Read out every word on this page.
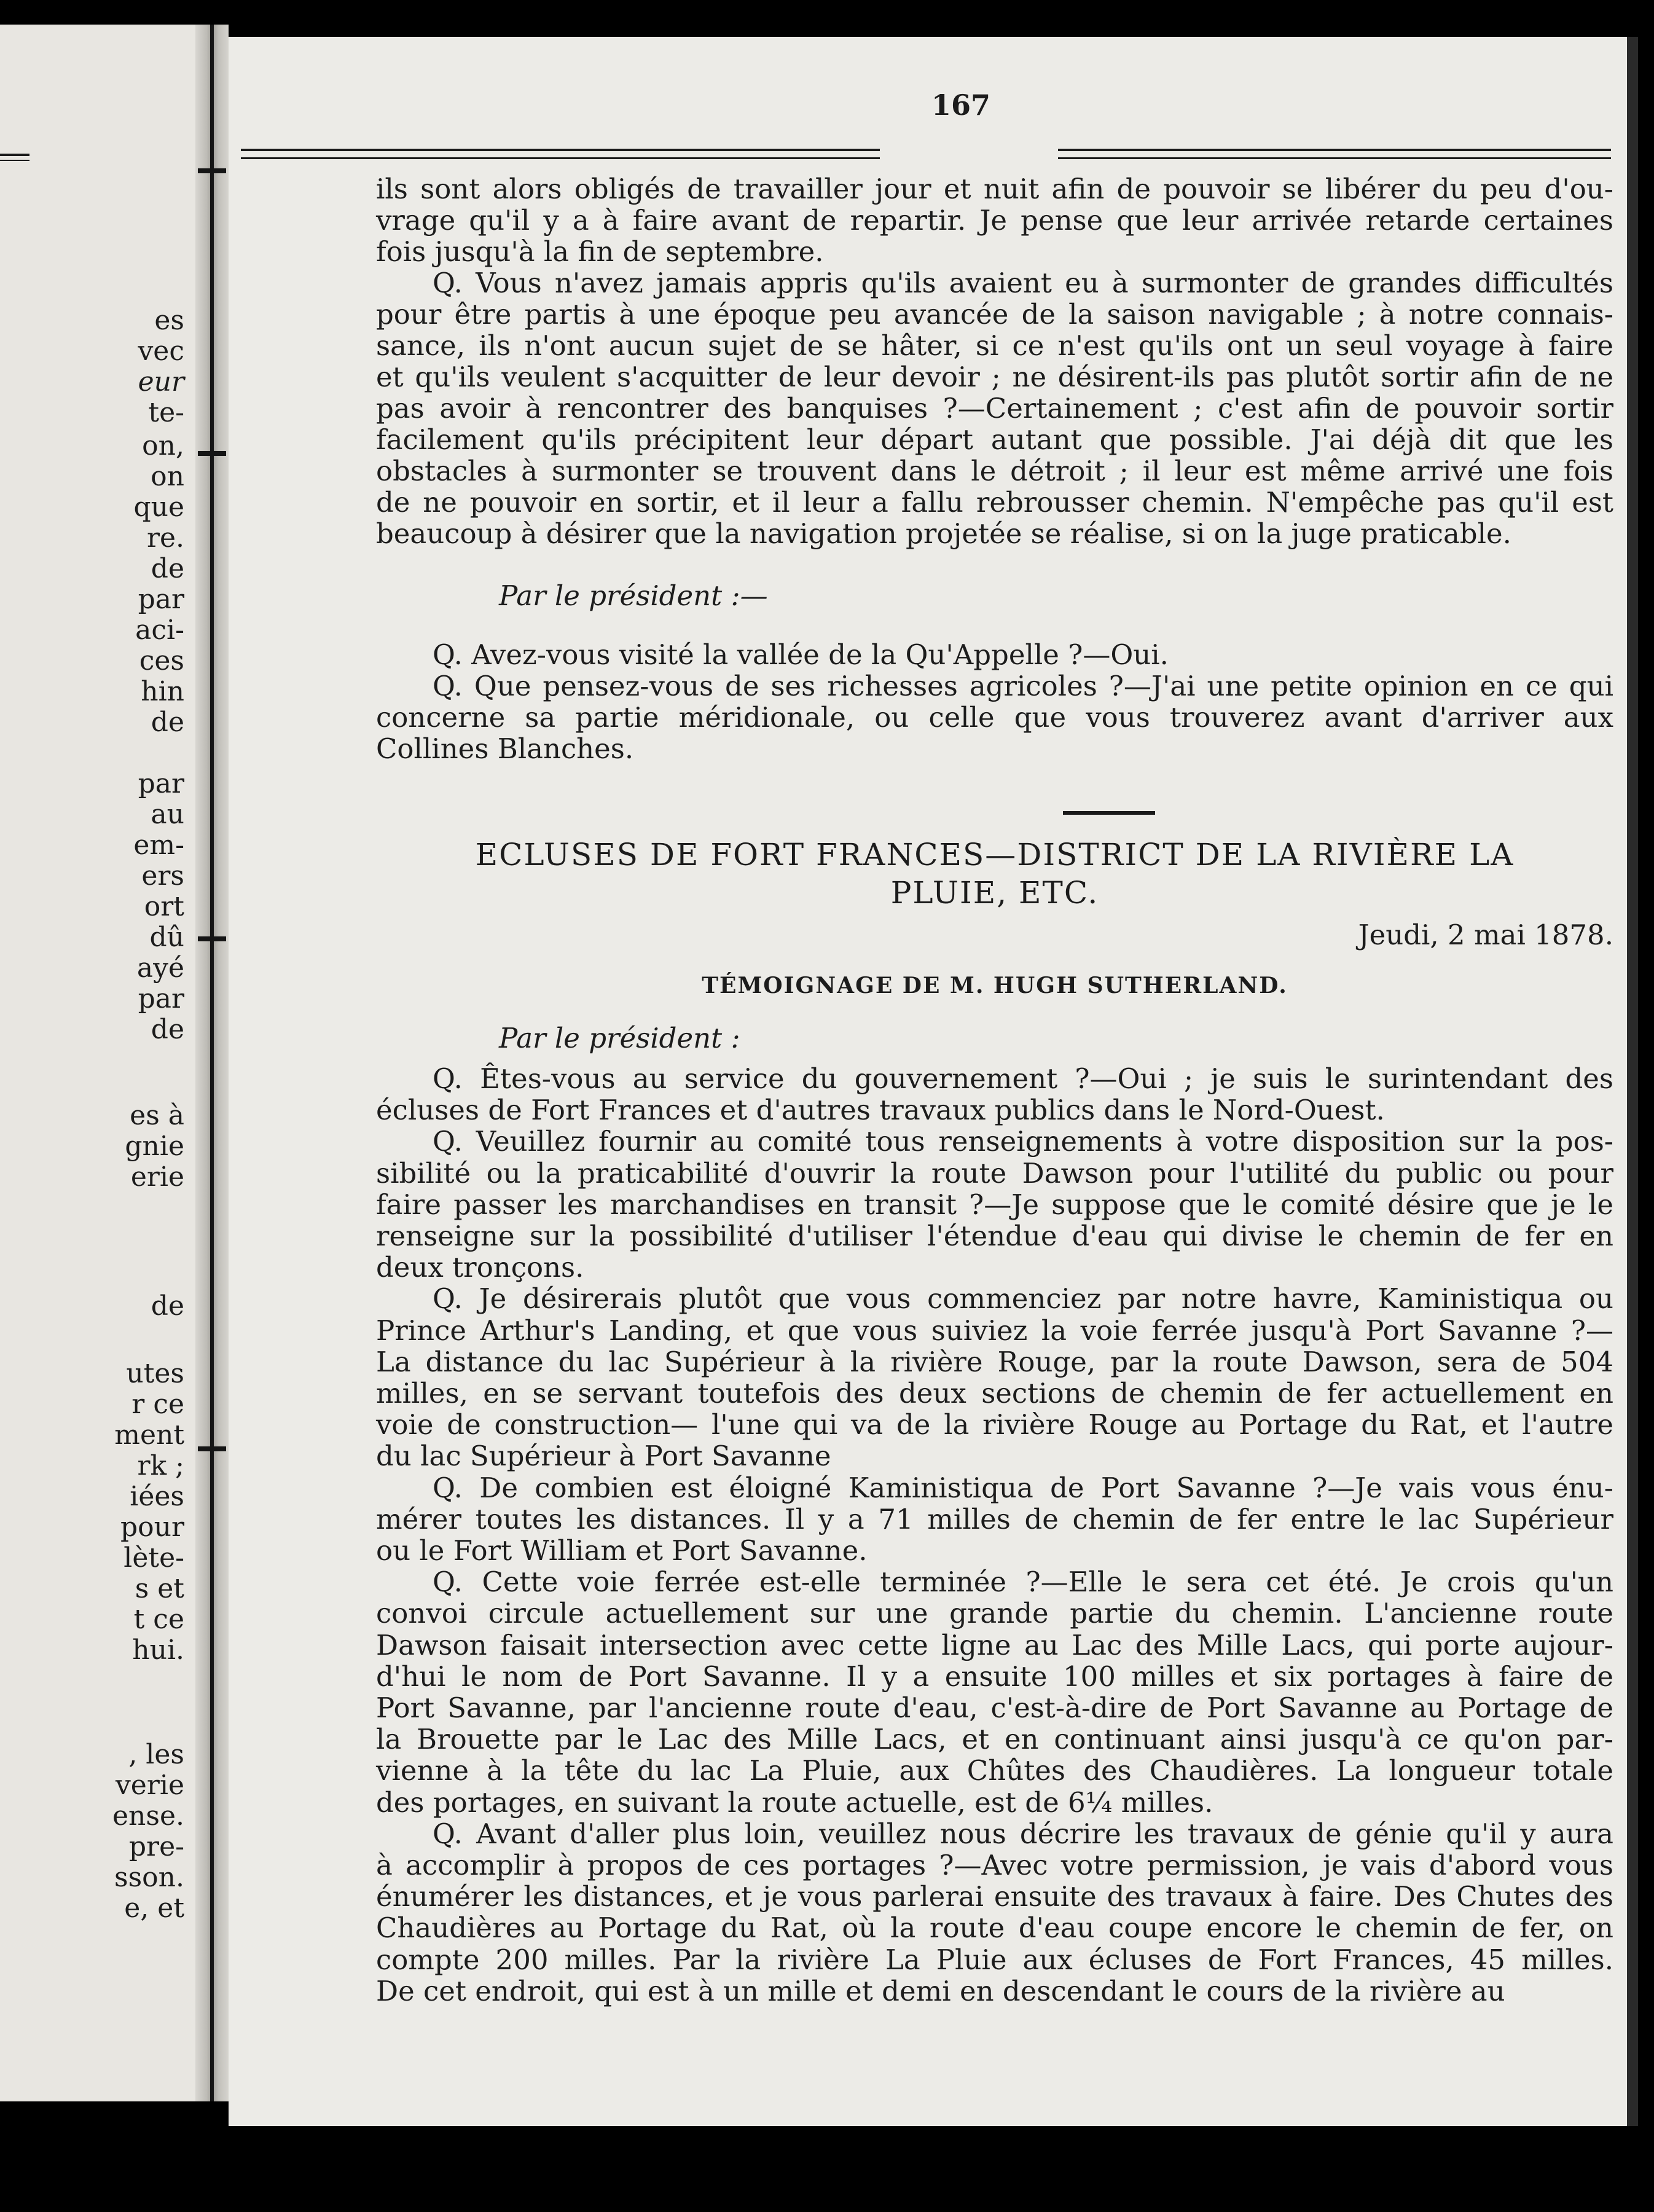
es
vec
eur
te-
on,
on
que
re.
de
par
aci-
ces
hin
de
par
au
em-
ers
ort
dû
ayé
par
de
es à
gnie
erie
de
utes
r ce
ment
rk ;
iées
pour
lète-
s et
t ce
hui.
, les
verie
ense.
pre-
sson.
e, et
167
ils sont alors obligés de travailler jour et nuit afin de pouvoir se libérer du peu d'ou-
vrage qu'il y a à faire avant de repartir. Je pense que leur arrivée retarde certaines
fois jusqu'à la fin de septembre.
Q. Vous n'avez jamais appris qu'ils avaient eu à surmonter de grandes difficultés
pour être partis à une époque peu avancée de la saison navigable ; à notre connais-
sance, ils n'ont aucun sujet de se hâter, si ce n'est qu'ils ont un seul voyage à faire
et qu'ils veulent s'acquitter de leur devoir ; ne désirent-ils pas plutôt sortir afin de ne
pas avoir à rencontrer des banquises ?—Certainement ; c'est afin de pouvoir sortir
facilement qu'ils précipitent leur départ autant que possible. J'ai déjà dit que les
obstacles à surmonter se trouvent dans le détroit ; il leur est même arrivé une fois
de ne pouvoir en sortir, et il leur a fallu rebrousser chemin. N'empêche pas qu'il est
beaucoup à désirer que la navigation projetée se réalise, si on la juge praticable.
Par le président :—
Q. Avez-vous visité la vallée de la Qu'Appelle ?—Oui.
Q. Que pensez-vous de ses richesses agricoles ?—J'ai une petite opinion en ce qui
concerne sa partie méridionale, ou celle que vous trouverez avant d'arriver aux
Collines Blanches.
ECLUSES DE FORT FRANCES—DISTRICT DE LA RIVIÈRE LA
PLUIE, ETC.
Jeudi, 2 mai 1878.
TÉMOIGNAGE DE M. HUGH SUTHERLAND.
Par le président :
Q. Êtes-vous au service du gouvernement ?—Oui ; je suis le surintendant des
écluses de Fort Frances et d'autres travaux publics dans le Nord-Ouest.
Q. Veuillez fournir au comité tous renseignements à votre disposition sur la pos-
sibilité ou la praticabilité d'ouvrir la route Dawson pour l'utilité du public ou pour
faire passer les marchandises en transit ?—Je suppose que le comité désire que je le
renseigne sur la possibilité d'utiliser l'étendue d'eau qui divise le chemin de fer en
deux tronçons.
Q. Je désirerais plutôt que vous commenciez par notre havre, Kaministiqua ou
Prince Arthur's Landing, et que vous suiviez la voie ferrée jusqu'à Port Savanne ?—
La distance du lac Supérieur à la rivière Rouge, par la route Dawson, sera de 504
milles, en se servant toutefois des deux sections de chemin de fer actuellement en
voie de construction— l'une qui va de la rivière Rouge au Portage du Rat, et l'autre
du lac Supérieur à Port Savanne
Q. De combien est éloigné Kaministiqua de Port Savanne ?—Je vais vous énu-
mérer toutes les distances. Il y a 71 milles de chemin de fer entre le lac Supérieur
ou le Fort William et Port Savanne.
Q. Cette voie ferrée est-elle terminée ?—Elle le sera cet été. Je crois qu'un
convoi circule actuellement sur une grande partie du chemin. L'ancienne route
Dawson faisait intersection avec cette ligne au Lac des Mille Lacs, qui porte aujour-
d'hui le nom de Port Savanne. Il y a ensuite 100 milles et six portages à faire de
Port Savanne, par l'ancienne route d'eau, c'est-à-dire de Port Savanne au Portage de
la Brouette par le Lac des Mille Lacs, et en continuant ainsi jusqu'à ce qu'on par-
vienne à la tête du lac La Pluie, aux Chûtes des Chaudières. La longueur totale
des portages, en suivant la route actuelle, est de 6¼ milles.
Q. Avant d'aller plus loin, veuillez nous décrire les travaux de génie qu'il y aura
à accomplir à propos de ces portages ?—Avec votre permission, je vais d'abord vous
énumérer les distances, et je vous parlerai ensuite des travaux à faire. Des Chutes des
Chaudières au Portage du Rat, où la route d'eau coupe encore le chemin de fer, on
compte 200 milles. Par la rivière La Pluie aux écluses de Fort Frances, 45 milles.
De cet endroit, qui est à un mille et demi en descendant le cours de la rivière au
